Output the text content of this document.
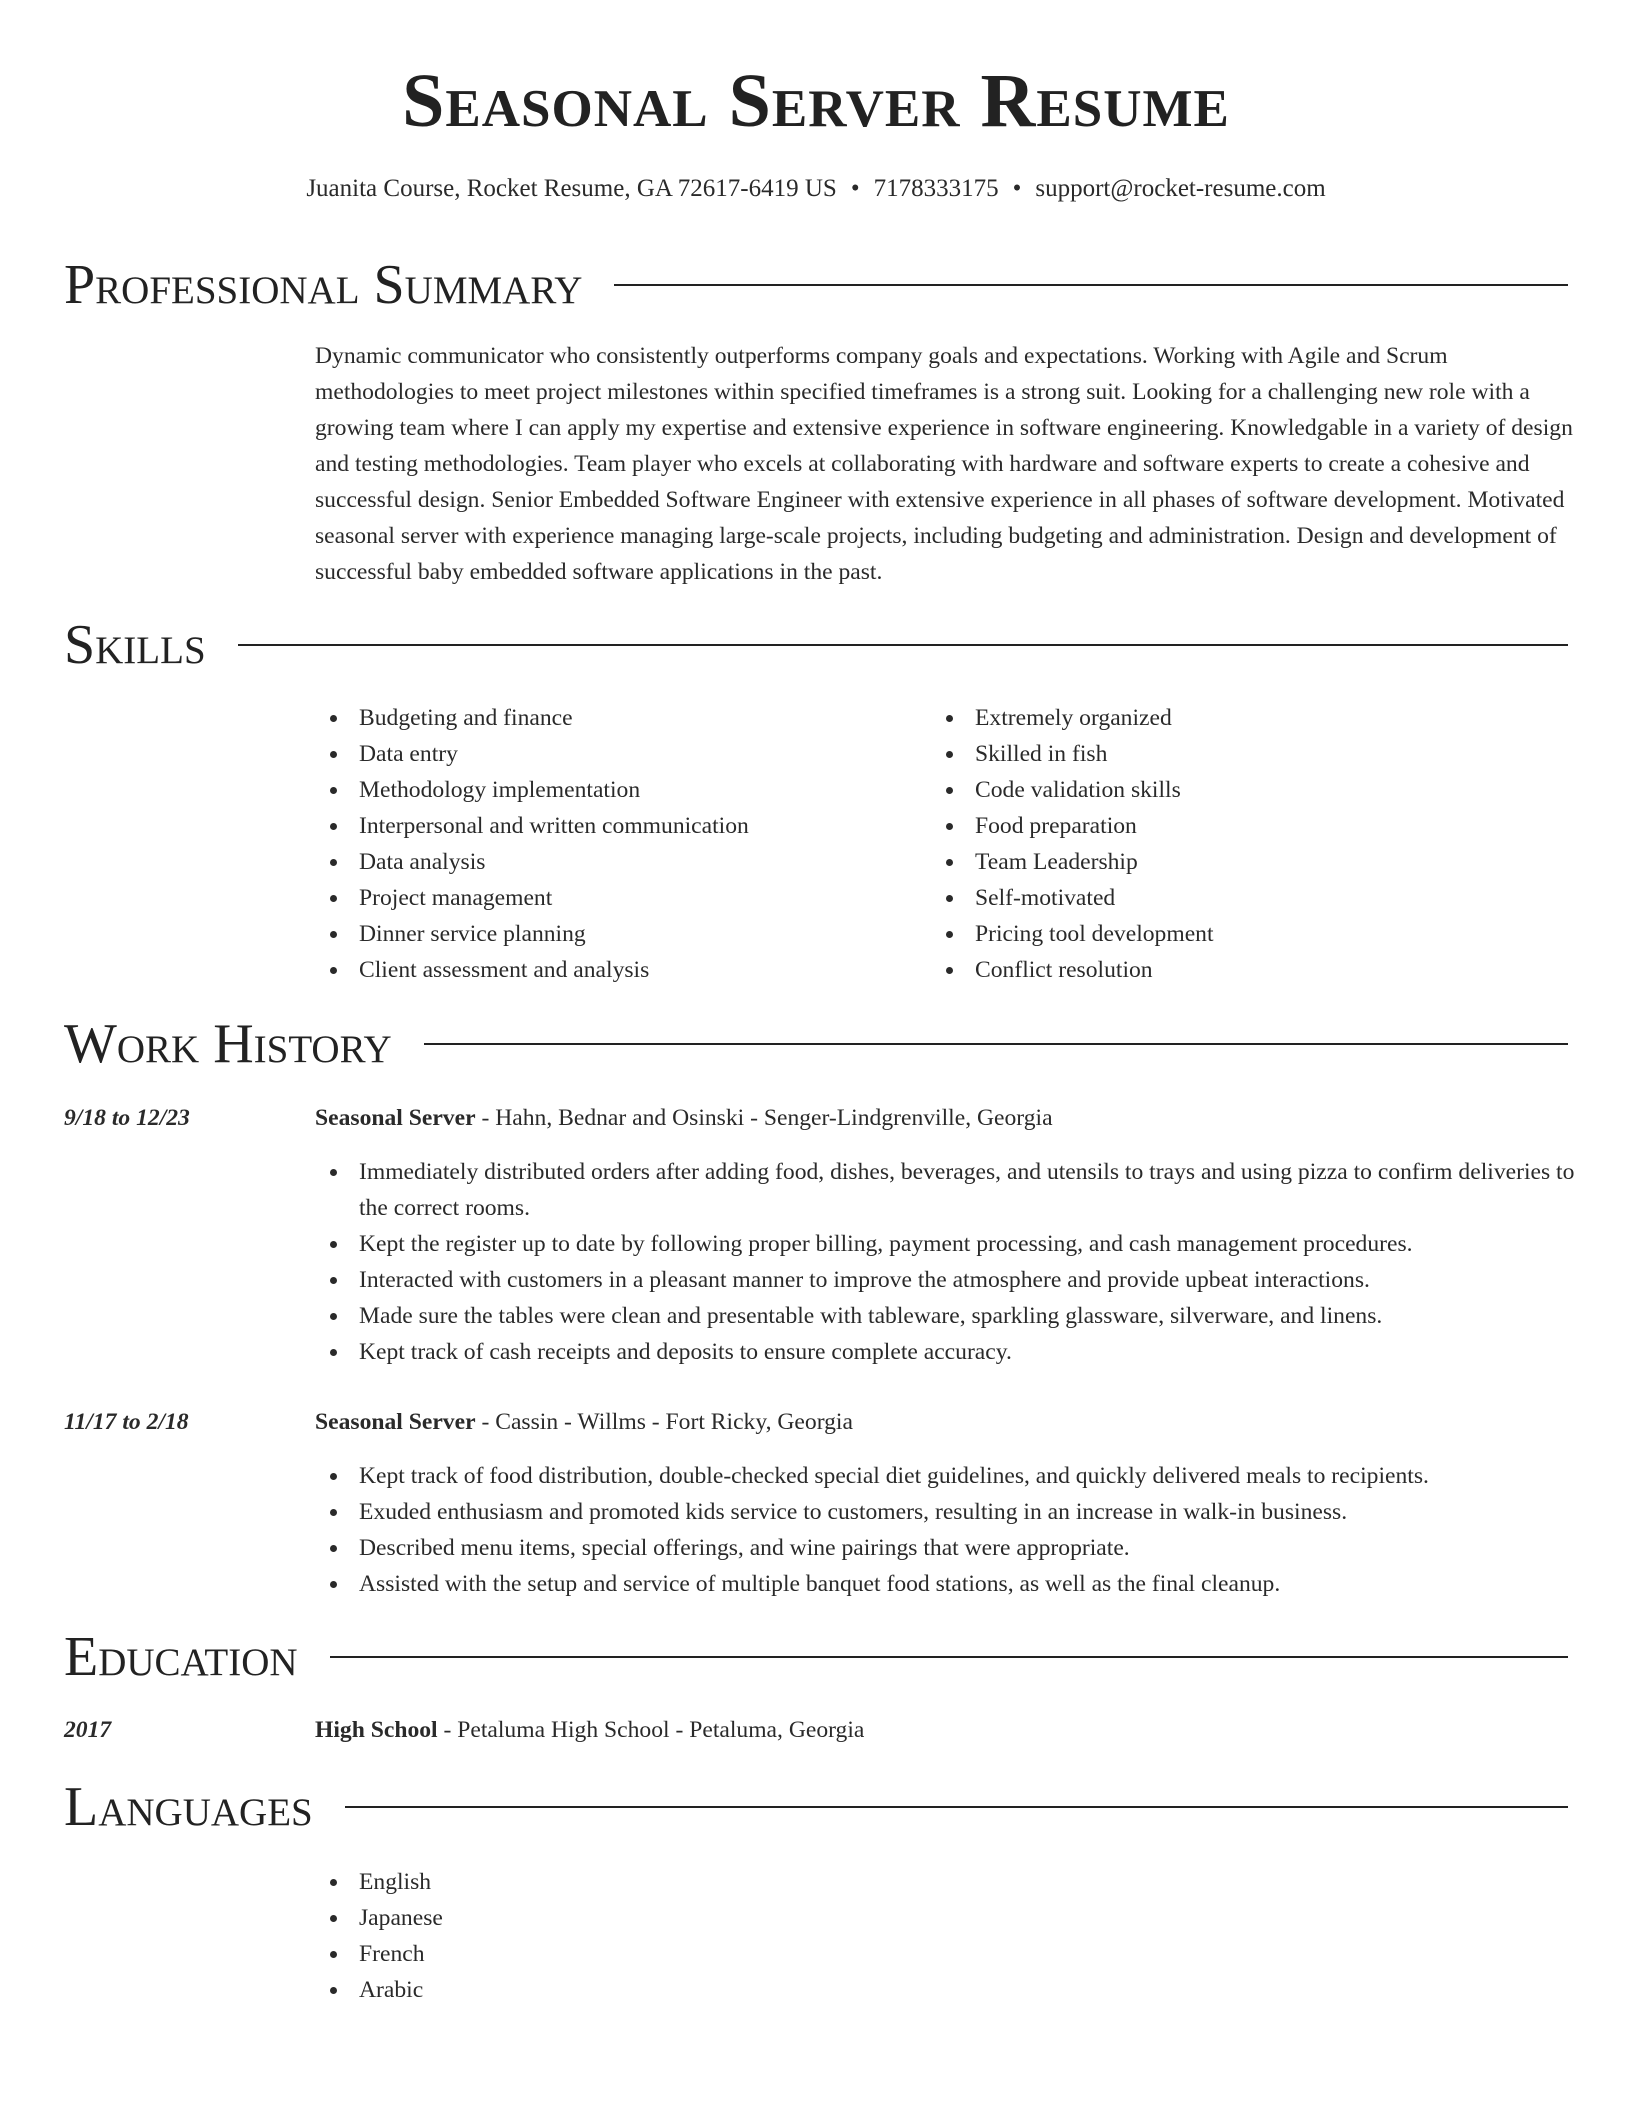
Seasonal Server Resume
Juanita Course, Rocket Resume, GA 72617-6419 US • 7178333175 • support@rocket-resume.com
Professional Summary

Dynamic communicator who consistently outperforms company goals and expectations. Working with Agile and Scrum methodologies to meet project milestones within specified timeframes is a strong suit. Looking for a challenging new role with a growing team where I can apply my expertise and extensive experience in software engineering. Knowledgable in a variety of design and testing methodologies. Team player who excels at collaborating with hardware and software experts to create a cohesive and successful design. Senior Embedded Software Engineer with extensive experience in all phases of software development. Motivated seasonal server with experience managing large-scale projects, including budgeting and administration. Design and development of successful baby embedded software applications in the past.

Skills
Budgeting and finance
Data entry
Methodology implementation
Interpersonal and written communication
Data analysis
Project management
Dinner service planning
Client assessment and analysis
Extremely organized
Skilled in fish
Code validation skills
Food preparation
Team Leadership
Self-motivated
Pricing tool development
Conflict resolution
Work History
9/18 to 12/23	Seasonal Server - Hahn, Bednar and Osinski - Senger-Lindgrenville, Georgia
Immediately distributed orders after adding food, dishes, beverages, and utensils to trays and using pizza to confirm deliveries to the correct rooms.
Kept the register up to date by following proper billing, payment processing, and cash management procedures.
Interacted with customers in a pleasant manner to improve the atmosphere and provide upbeat interactions.
Made sure the tables were clean and presentable with tableware, sparkling glassware, silverware, and linens.
Kept track of cash receipts and deposits to ensure complete accuracy.
11/17 to 2/18	Seasonal Server - Cassin - Willms - Fort Ricky, Georgia
Kept track of food distribution, double-checked special diet guidelines, and quickly delivered meals to recipients.
Exuded enthusiasm and promoted kids service to customers, resulting in an increase in walk-in business.
Described menu items, special offerings, and wine pairings that were appropriate.
Assisted with the setup and service of multiple banquet food stations, as well as the final cleanup.
Education
2017	High School - Petaluma High School - Petaluma, Georgia
Languages
English
Japanese
French
Arabic
